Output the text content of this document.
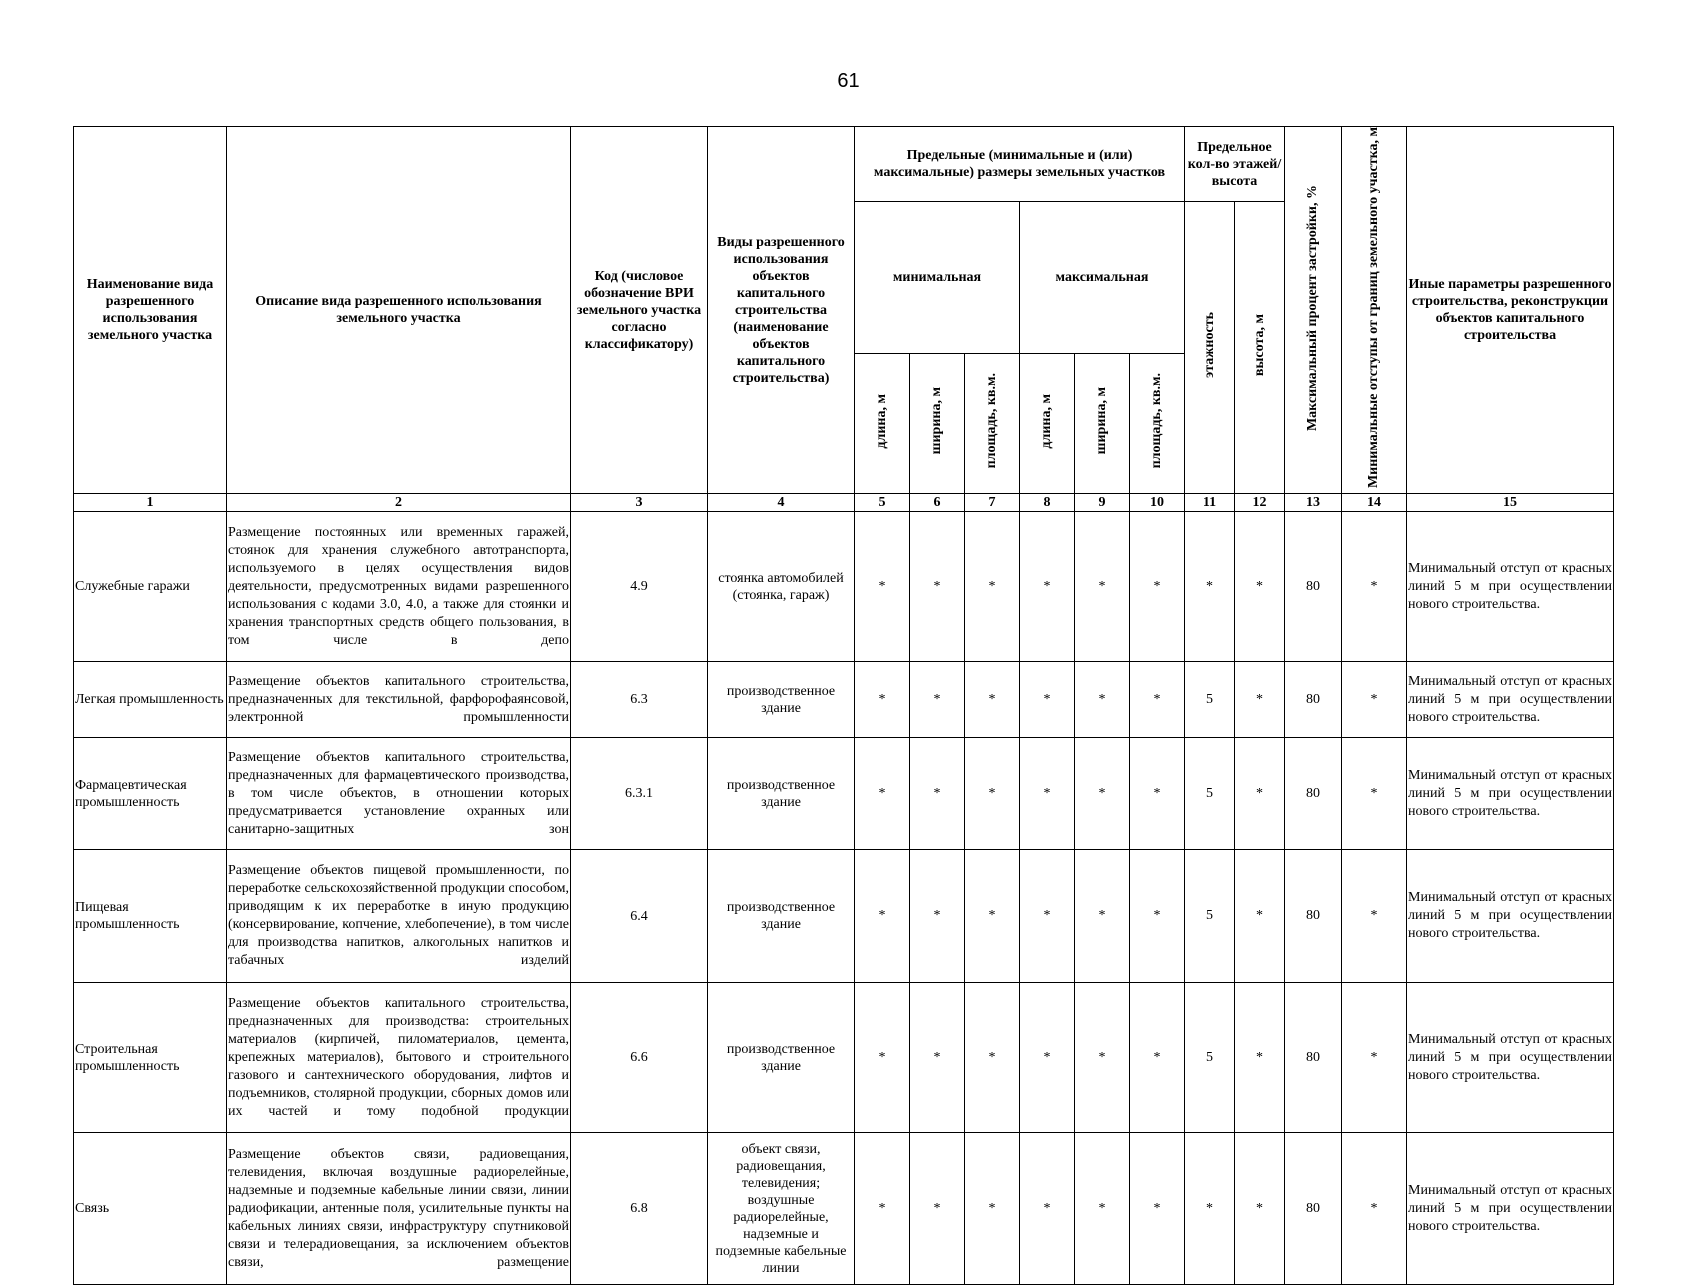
61
Наименование вида разрешенного использования земельного участка	Описание вида разрешенного использования земельного участка	Код (числовое обозначение ВРИ земельного участка согласно классификатору)	Виды разрешенного использования объектов капитального строительства (наименование объектов капитального строительства)	Предельные (минимальные и (или) максимальные) размеры земельных участков						Предельное кол-во этажей/ высота		Максимальный процент застройки, %	Минимальные отступы от границ земельного участка, м	Иные параметры разрешенного строительства, реконструкции объектов капитального строительства
				минимальная			максимальная			этажность	высота, м			
				длина, м	ширина, м	площадь, кв.м.	длина, м	ширина, м	площадь, кв.м.					
1	2	3	4	5	6	7	8	9	10	11	12	13	14	15
Служебные гаражи	Размещение постоянных или временных гаражей, стоянок для хранения служебного автотранспорта, используемого в целях осуществления видов деятельности, предусмотренных видами разрешенного использования с кодами 3.0, 4.0, а также для стоянки и хранения транспортных средств общего пользования, в том числе в депо	4.9	стоянка автомобилей (стоянка, гараж)	*	*	*	*	*	*	*	*	80	*	Минимальный отступ от красных линий 5 м при осуществлении нового строительства.
Легкая промышленность	Размещение объектов капитального строительства, предназначенных для текстильной, фарфорофаянсовой, электронной промышленности	6.3	производственное здание	*	*	*	*	*	*	5	*	80	*	Минимальный отступ от красных линий 5 м при осуществлении нового строительства.
Фармацевтическая промышленность	Размещение объектов капитального строительства, предназначенных для фармацевтического производства, в том числе объектов, в отношении которых предусматривается установление охранных или санитарно-защитных зон	6.3.1	производственное здание	*	*	*	*	*	*	5	*	80	*	Минимальный отступ от красных линий 5 м при осуществлении нового строительства.
Пищевая промышленность	Размещение объектов пищевой промышленности, по переработке сельскохозяйственной продукции способом, приводящим к их переработке в иную продукцию (консервирование, копчение, хлебопечение), в том числе для производства напитков, алкогольных напитков и табачных изделий	6.4	производственное здание	*	*	*	*	*	*	5	*	80	*	Минимальный отступ от красных линий 5 м при осуществлении нового строительства.
Строительная промышленность	Размещение объектов капитального строительства, предназначенных для производства: строительных материалов (кирпичей, пиломатериалов, цемента, крепежных материалов), бытового и строительного газового и сантехнического оборудования, лифтов и подъемников, столярной продукции, сборных домов или их частей и тому подобной продукции	6.6	производственное здание	*	*	*	*	*	*	5	*	80	*	Минимальный отступ от красных линий 5 м при осуществлении нового строительства.
Связь	Размещение объектов связи, радиовещания, телевидения, включая воздушные радиорелейные, надземные и подземные кабельные линии связи, линии радиофикации, антенные поля, усилительные пункты на кабельных линиях связи, инфраструктуру спутниковой связи и телерадиовещания, за исключением объектов связи, размещение	6.8	объект связи, радиовещания, телевидения; воздушные радиорелейные, надземные и подземные кабельные линии	*	*	*	*	*	*	*	*	80	*	Минимальный отступ от красных линий 5 м при осуществлении нового строительства.
